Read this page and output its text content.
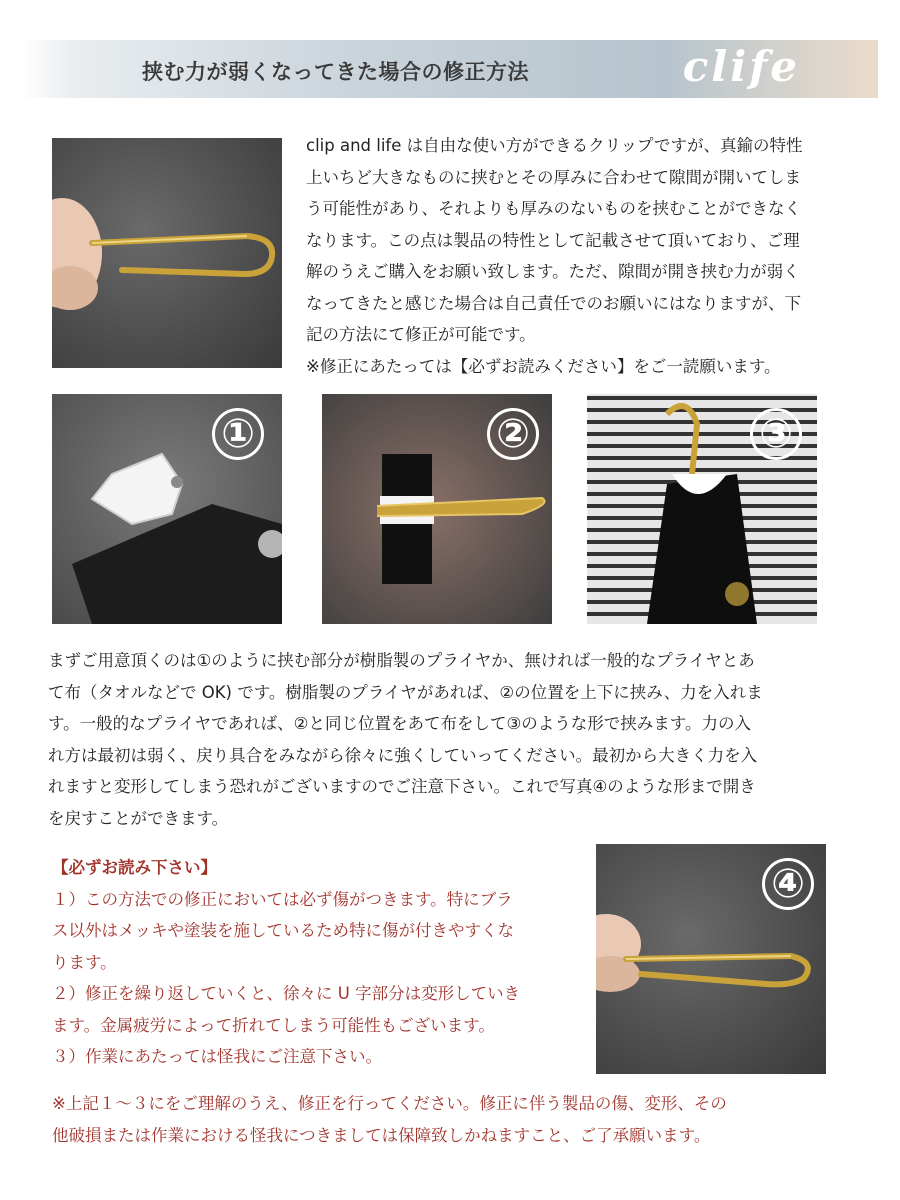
挟む力が弱くなってきた場合の修正方法	clife

clip and life は自由な使い方ができるクリップですが、真鍮の特性

上いちど大きなものに挟むとその厚みに合わせて隙間が開いてしま

う可能性があり、それよりも厚みのないものを挟むことができなく

なります。この点は製品の特性として記載させて頂いており、ご理

解のうえご購入をお願い致します。ただ、隙間が開き挟む力が弱く

なってきたと感じた場合は自己責任でのお願いにはなりますが、下

記の方法にて修正が可能です。

※修正にあたっては【必ずお読みください】をご一読願います。

①	②	③
まずご用意頂くのは①のように挟む部分が樹脂製のプライヤか、無ければ一般的なプライヤとあ
て布（タオルなどで OK) です。樹脂製のプライヤがあれば、②の位置を上下に挟み、力を入れま
す。一般的なプライヤであれば、②と同じ位置をあて布をして③のような形で挟みます。力の入
れ方は最初は弱く、戻り具合をみながら徐々に強くしていってください。最初から大きく力を入
れますと変形してしまう恐れがございますのでご注意下さい。これで写真④のような形まで開き
を戻すことができます。

【必ずお読み下さい】

１）この方法での修正においては必ず傷がつきます。特にブラ

ス以外はメッキや塗装を施しているため特に傷が付きやすくな

ります。

２）修正を繰り返していくと、徐々に U 字部分は変形していき

ます。金属疲労によって折れてしまう可能性もございます。

３）作業にあたっては怪我にご注意下さい。

④
※上記１～３にをご理解のうえ、修正を行ってください。修正に伴う製品の傷、変形、その
他破損または作業における怪我につきましては保障致しかねますこと、ご了承願います。
